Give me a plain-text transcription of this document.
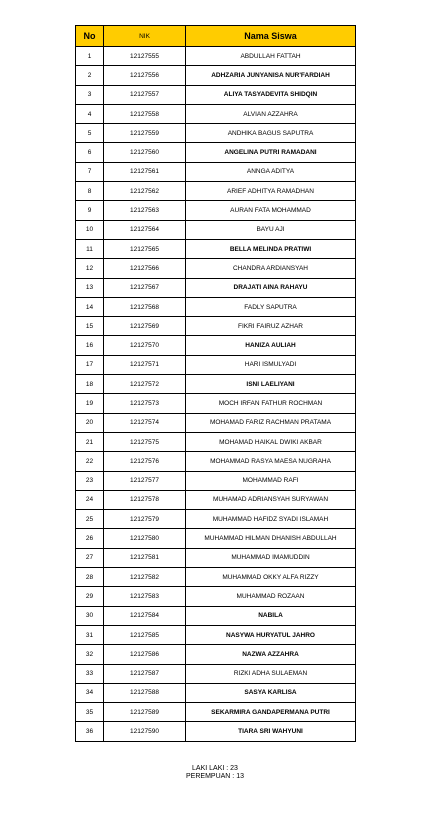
No	NIK	Nama Siswa
1	12127555	ABDULLAH FATTAH
2	12127556	ADHZARIA JUNYANISA NUR'FARDIAH
3	12127557	ALIYA TASYADEVITA SHIDQIN
4	12127558	ALVIAN AZZAHRA
5	12127559	ANDHIKA BAGUS SAPUTRA
6	12127560	ANGELINA PUTRI RAMADANI
7	12127561	ANNGA ADITYA
8	12127562	ARIEF ADHITYA RAMADHAN
9	12127563	AURAN FATA MOHAMMAD
10	12127564	BAYU AJI
11	12127565	BELLA MELINDA PRATIWI
12	12127566	CHANDRA ARDIANSYAH
13	12127567	DRAJATI AINA RAHAYU
14	12127568	FADLY SAPUTRA
15	12127569	FIKRI FAIRUZ AZHAR
16	12127570	HANIZA AULIAH
17	12127571	HARI ISMULYADI
18	12127572	ISNI LAELIYANI
19	12127573	MOCH IRFAN FATHUR ROCHMAN
20	12127574	MOHAMAD FARIZ RACHMAN PRATAMA
21	12127575	MOHAMAD HAIKAL DWIKI AKBAR
22	12127576	MOHAMMAD RASYA MAESA NUGRAHA
23	12127577	MOHAMMAD RAFI
24	12127578	MUHAMAD ADRIANSYAH SURYAWAN
25	12127579	MUHAMMAD HAFIDZ SYADI ISLAMAH
26	12127580	MUHAMMAD HILMAN DHANISH ABDULLAH
27	12127581	MUHAMMAD IMAMUDDIN
28	12127582	MUHAMMAD OKKY ALFA RIZZY
29	12127583	MUHAMMAD ROZAAN
30	12127584	NABILA
31	12127585	NASYWA HURYATUL JAHRO
32	12127586	NAZWA AZZAHRA
33	12127587	RIZKI ADHA SULAEMAN
34	12127588	SASYA KARLISA
35	12127589	SEKARMIRA GANDAPERMANA PUTRI
36	12127590	TIARA SRI WAHYUNI
LAKI LAKI : 23
PEREMPUAN : 13
